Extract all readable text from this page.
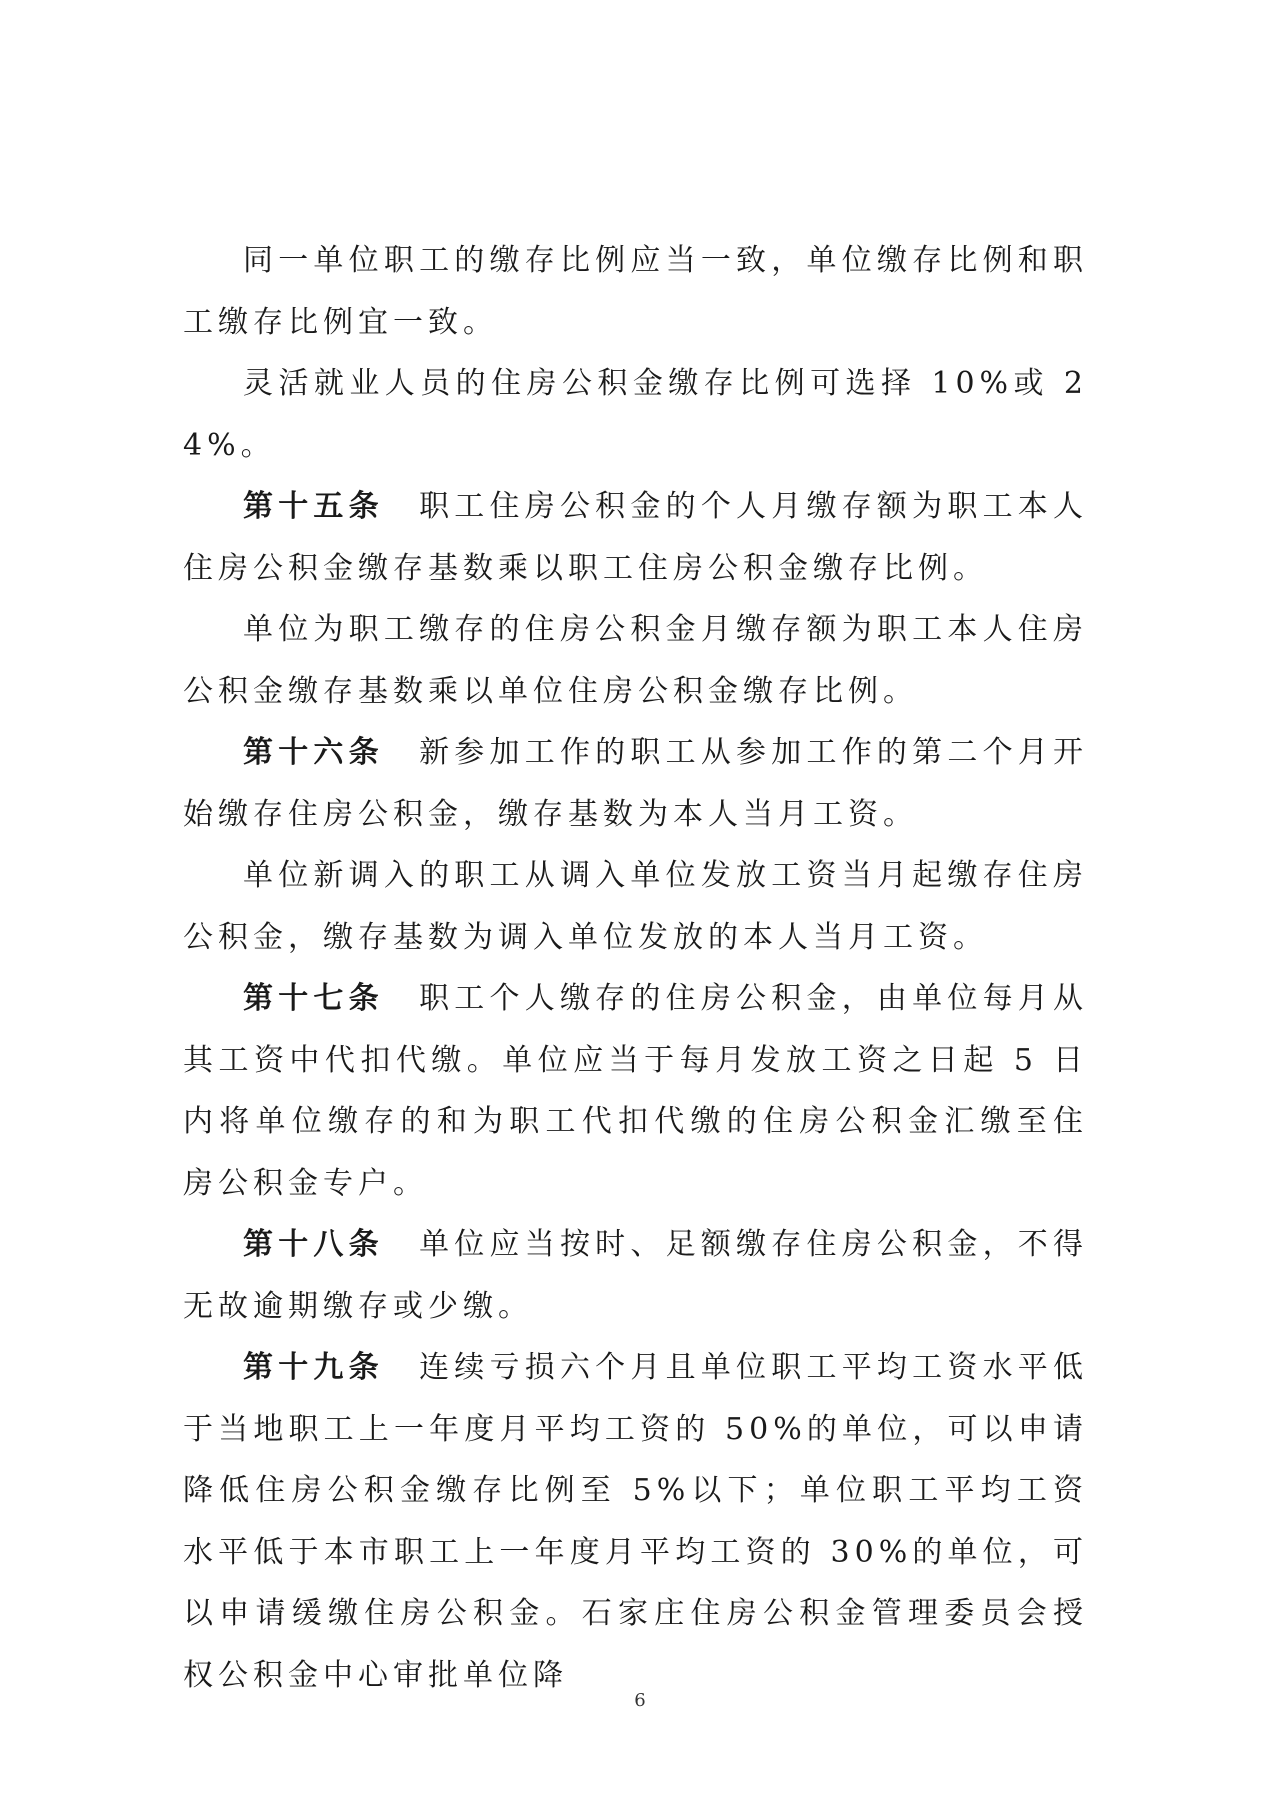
同一单位职工的缴存比例应当一致，单位缴存比例和职工缴存比例宜一致。

灵活就业人员的住房公积金缴存比例可选择 10%或 24%。

第十五条  职工住房公积金的个人月缴存额为职工本人住房公积金缴存基数乘以职工住房公积金缴存比例。

单位为职工缴存的住房公积金月缴存额为职工本人住房公积金缴存基数乘以单位住房公积金缴存比例。

第十六条  新参加工作的职工从参加工作的第二个月开始缴存住房公积金，缴存基数为本人当月工资。

单位新调入的职工从调入单位发放工资当月起缴存住房公积金，缴存基数为调入单位发放的本人当月工资。

第十七条  职工个人缴存的住房公积金，由单位每月从其工资中代扣代缴。单位应当于每月发放工资之日起 5 日内将单位缴存的和为职工代扣代缴的住房公积金汇缴至住房公积金专户。

第十八条  单位应当按时、足额缴存住房公积金，不得无故逾期缴存或少缴。

第十九条  连续亏损六个月且单位职工平均工资水平低于当地职工上一年度月平均工资的 50%的单位，可以申请降低住房公积金缴存比例至 5%以下；单位职工平均工资水平低于本市职工上一年度月平均工资的 30%的单位，可以申请缓缴住房公积金。石家庄住房公积金管理委员会授权公积金中心审批单位降

6
